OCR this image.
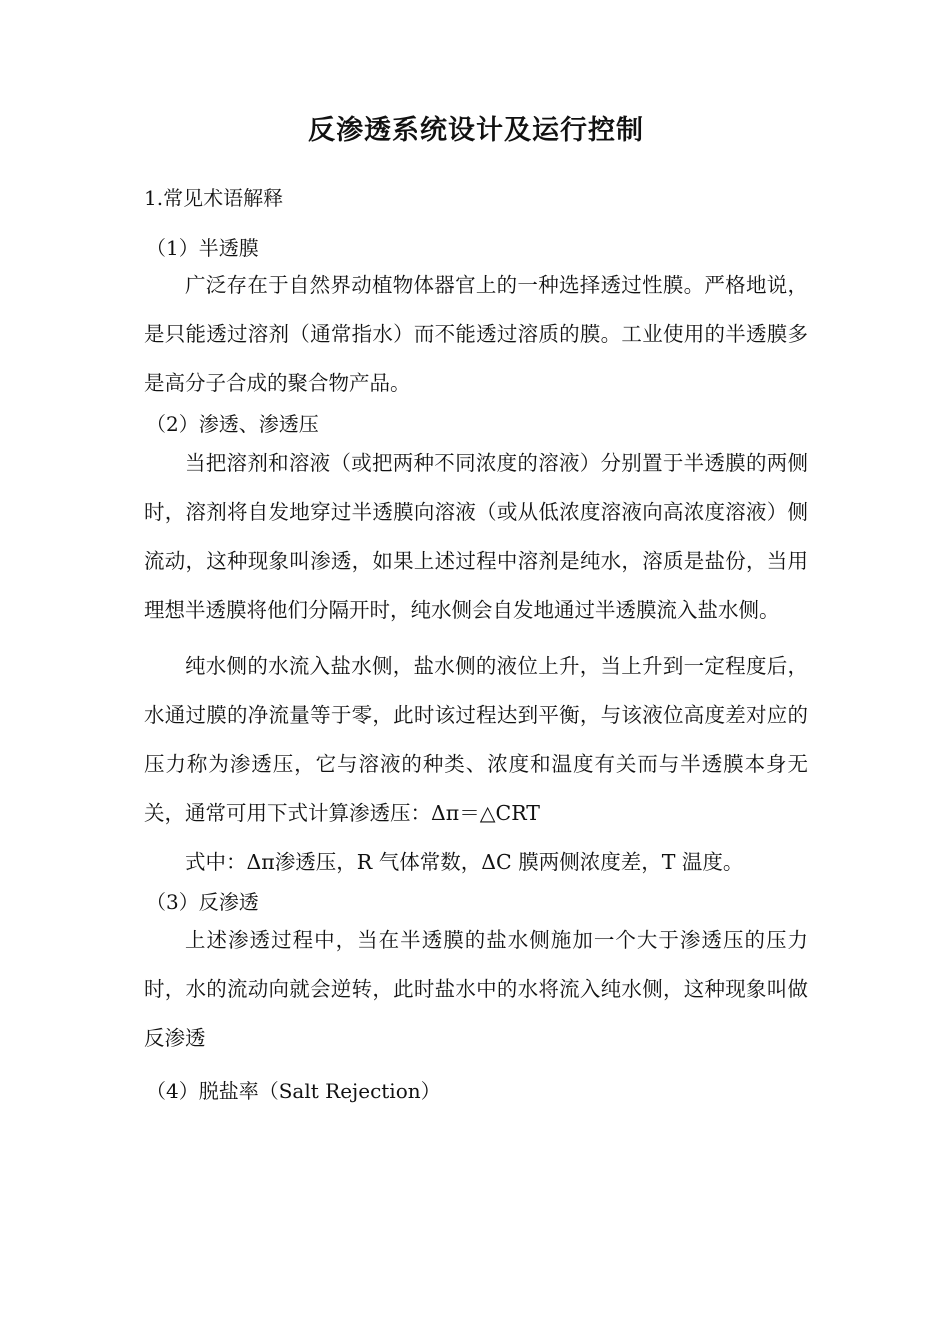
反渗透系统设计及运行控制

1.常见术语解释

（1）半透膜

广泛存在于自然界动植物体器官上的一种选择透过性膜。严格地说，是只能透过溶剂（通常指水）而不能透过溶质的膜。工业使用的半透膜多是高分子合成的聚合物产品。

（2）渗透、渗透压

当把溶剂和溶液（或把两种不同浓度的溶液）分别置于半透膜的两侧时，溶剂将自发地穿过半透膜向溶液（或从低浓度溶液向高浓度溶液）侧流动，这种现象叫渗透，如果上述过程中溶剂是纯水，溶质是盐份，当用理想半透膜将他们分隔开时，纯水侧会自发地通过半透膜流入盐水侧。

纯水侧的水流入盐水侧，盐水侧的液位上升，当上升到一定程度后，水通过膜的净流量等于零，此时该过程达到平衡，与该液位高度差对应的压力称为渗透压，它与溶液的种类、浓度和温度有关而与半透膜本身无关，通常可用下式计算渗透压：Δπ＝△CRT

式中：Δπ渗透压，R 气体常数，ΔC 膜两侧浓度差，T 温度。

（3）反渗透

上述渗透过程中，当在半透膜的盐水侧施加一个大于渗透压的压力时，水的流动向就会逆转，此时盐水中的水将流入纯水侧，这种现象叫做反渗透

（4）脱盐率（Salt Rejection）
